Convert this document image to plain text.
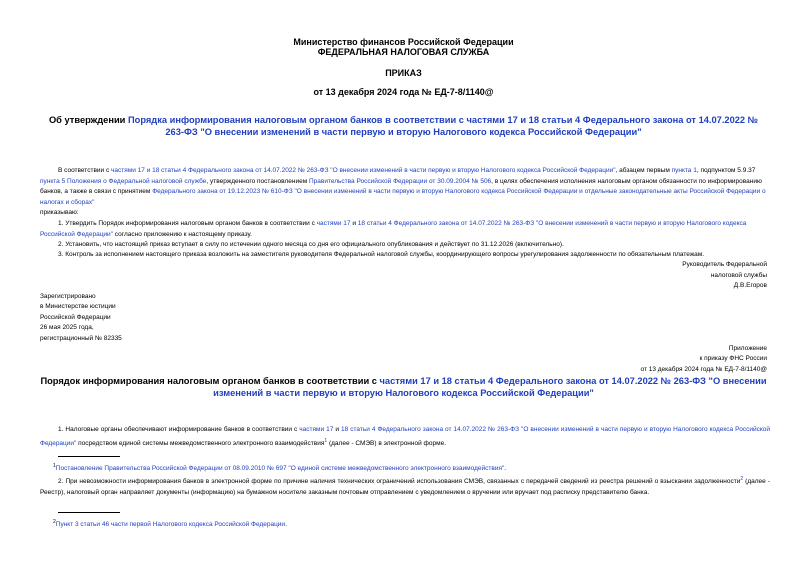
Министерство финансов Российской Федерации
ФЕДЕРАЛЬНАЯ НАЛОГОВАЯ СЛУЖБА
ПРИКАЗ
от 13 декабря 2024 года № ЕД-7-8/1140@
Об утверждении Порядка информирования налоговым органом банков в соответствии с частями 17 и 18 статьи 4 Федерального закона от 14.07.2022 № 263-ФЗ "О внесении изменений в части первую и вторую Налогового кодекса Российской Федерации"
В соответствии с частями 17 и 18 статьи 4 Федерального закона от 14.07.2022 № 263-ФЗ "О внесении изменений в части первую и вторую Налогового кодекса Российской Федерации", абзацем первым пункта 1, подпунктом 5.9.37 пункта 5 Положения о Федеральной налоговой службе, утвержденного постановлением Правительства Российской Федерации от 30.09.2004 № 506, в целях обеспечения исполнения налоговым органом обязанности по информированию банков, а также в связи с принятием Федерального закона от 19.12.2023 № 610-ФЗ "О внесении изменений в части первую и вторую Налогового кодекса Российской Федерации и отдельные законодательные акты Российской Федерации о налогах и сборах"
приказываю:
1. Утвердить Порядок информирования налоговым органом банков в соответствии с частями 17 и 18 статьи 4 Федерального закона от 14.07.2022 № 263-ФЗ "О внесении изменений в части первую и вторую Налогового кодекса Российской Федерации" согласно приложению к настоящему приказу.
2. Установить, что настоящий приказ вступает в силу по истечении одного месяца со дня его официального опубликования и действует по 31.12.2026 (включительно).
3. Контроль за исполнением настоящего приказа возложить на заместителя руководителя Федеральной налоговой службы, координирующего вопросы урегулирования задолженности по обязательным платежам.
Руководитель Федеральной
налоговой службы
Д.В.Егоров
Зарегистрировано
в Министерстве юстиции
Российской Федерации
26 мая 2025 года,
регистрационный № 82335
Приложение
к приказу ФНС России
от 13 декабря 2024 года № ЕД-7-8/1140@
Порядок информирования налоговым органом банков в соответствии с частями 17 и 18 статьи 4 Федерального закона от 14.07.2022 № 263-ФЗ "О внесении изменений в части первую и вторую Налогового кодекса Российской Федерации"
1. Налоговые органы обеспечивают информирование банков в соответствии с частями 17 и 18 статьи 4 Федерального закона от 14.07.2022 № 263-ФЗ "О внесении изменений в части первую и вторую Налогового кодекса Российской Федерации" посредством единой системы межведомственного электронного взаимодействия$^1$ (далее - СМЭВ) в электронной форме.
$^1$Постановление Правительства Российской Федерации от 08.09.2010 № 697 "О единой системе межведомственного электронного взаимодействия".
2. При невозможности информирования банков в электронной форме по причине наличия технических ограничений использования СМЭВ, связанных с передачей сведений из реестра решений о взыскании задолженности$^2$ (далее - Реестр), налоговый орган направляет документы (информацию) на бумажном носителе заказным почтовым отправлением с уведомлением о вручении или вручает под расписку представителю банка.
$^2$Пункт 3 статьи 46 части первой Налогового кодекса Российской Федерации.
